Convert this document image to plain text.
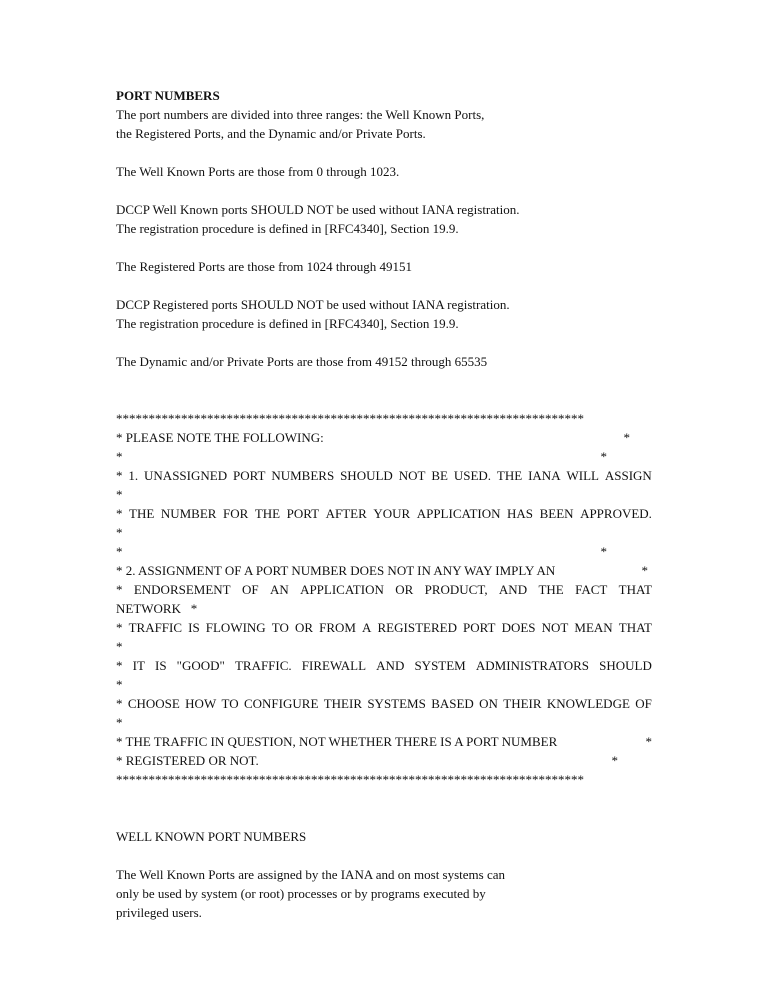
PORT NUMBERS
The port numbers are divided into three ranges: the Well Known Ports,
the Registered Ports, and the Dynamic and/or Private Ports.
The Well Known Ports are those from 0 through 1023.
DCCP Well Known ports SHOULD NOT be used without IANA registration.
The registration procedure is defined in [RFC4340], Section 19.9.
The Registered Ports are those from 1024 through 49151
DCCP Registered ports SHOULD NOT be used without IANA registration.
The registration procedure is defined in [RFC4340], Section 19.9.
The Dynamic and/or Private Ports are those from 49152 through 65535
************************************************************************
* PLEASE NOTE THE FOLLOWING:	*
*	*
* 1. UNASSIGNED PORT NUMBERS SHOULD NOT BE USED. THE IANA WILL ASSIGN
*
* THE NUMBER FOR THE PORT AFTER YOUR APPLICATION HAS BEEN APPROVED.
*
*	*
* 2. ASSIGNMENT OF A PORT NUMBER DOES NOT IN ANY WAY IMPLY AN	*
* ENDORSEMENT OF AN APPLICATION OR PRODUCT, AND THE FACT THAT
NETWORK   *
* TRAFFIC IS FLOWING TO OR FROM A REGISTERED PORT DOES NOT MEAN THAT
*
* IT IS "GOOD" TRAFFIC. FIREWALL AND SYSTEM ADMINISTRATORS SHOULD
*
* CHOOSE HOW TO CONFIGURE THEIR SYSTEMS BASED ON THEIR KNOWLEDGE OF
*
* THE TRAFFIC IN QUESTION, NOT WHETHER THERE IS A PORT NUMBER	*
* REGISTERED OR NOT.	*
************************************************************************
WELL KNOWN PORT NUMBERS
The Well Known Ports are assigned by the IANA and on most systems can
only be used by system (or root) processes or by programs executed by
privileged users.
